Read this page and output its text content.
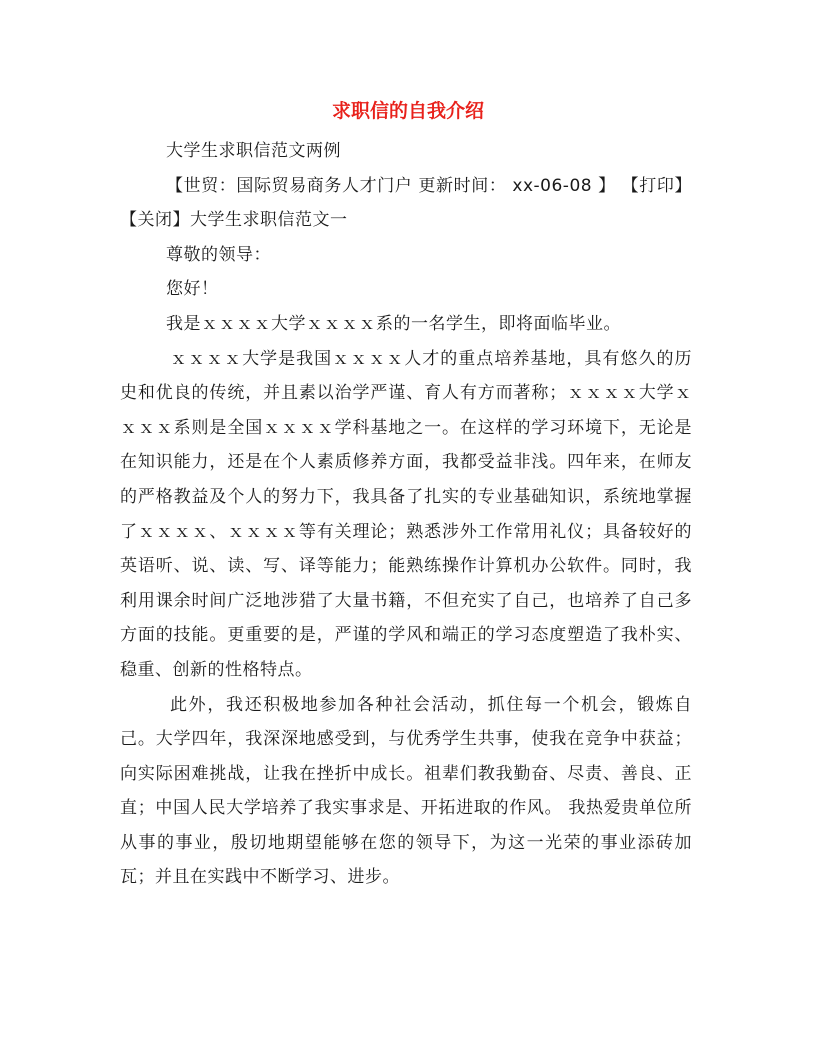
求职信的自我介绍

大学生求职信范文两例

【世贸：国际贸易商务人才门户 更新时间： xx-06-08 】 【打印】【关闭】大学生求职信范文一

尊敬的领导：

您好！

我是ｘｘｘｘ大学ｘｘｘｘ系的一名学生，即将面临毕业。

ｘｘｘｘ大学是我国ｘｘｘｘ人才的重点培养基地，具有悠久的历史和优良的传统，并且素以治学严谨、育人有方而著称；ｘｘｘｘ大学ｘｘｘｘ系则是全国ｘｘｘｘ学科基地之一。在这样的学习环境下，无论是在知识能力，还是在个人素质修养方面，我都受益非浅。四年来，在师友的严格教益及个人的努力下，我具备了扎实的专业基础知识，系统地掌握了ｘｘｘｘ、ｘｘｘｘ等有关理论；熟悉涉外工作常用礼仪；具备较好的英语听、说、读、写、译等能力；能熟练操作计算机办公软件。同时，我利用课余时间广泛地涉猎了大量书籍，不但充实了自己，也培养了自己多方面的技能。更重要的是，严谨的学风和端正的学习态度塑造了我朴实、稳重、创新的性格特点。

此外，我还积极地参加各种社会活动，抓住每一个机会，锻炼自己。大学四年，我深深地感受到，与优秀学生共事，使我在竞争中获益；向实际困难挑战，让我在挫折中成长。祖辈们教我勤奋、尽责、善良、正直；中国人民大学培养了我实事求是、开拓进取的作风。 我热爱贵单位所从事的事业，殷切地期望能够在您的领导下，为这一光荣的事业添砖加瓦；并且在实践中不断学习、进步。
